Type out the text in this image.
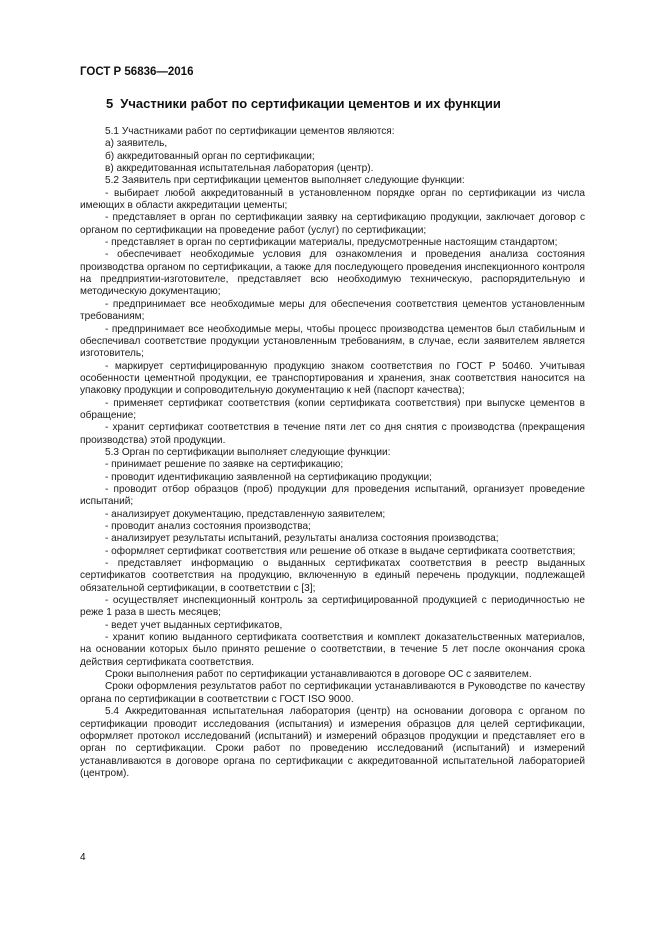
ГОСТ Р 56836—2016
5 Участники работ по сертификации цементов и их функции

5.1 Участниками работ по сертификации цементов являются:

а) заявитель,

б) аккредитованный орган по сертификации;

в) аккредитованная испытательная лаборатория (центр).

5.2 Заявитель при сертификации цементов выполняет следующие функции:

- выбирает любой аккредитованный в установленном порядке орган по сертификации из числа имеющих в области аккредитации цементы;

- представляет в орган по сертификации заявку на сертификацию продукции, заключает договор с органом по сертификации на проведение работ (услуг) по сертификации;

- представляет в орган по сертификации материалы, предусмотренные настоящим стандартом;

- обеспечивает необходимые условия для ознакомления и проведения анализа состояния производства органом по сертификации, а также для последующего проведения инспекционного контроля на предприятии-изготовителе, представляет всю необходимую техническую, распорядительную и методическую документацию;

- предпринимает все необходимые меры для обеспечения соответствия цементов установленным требованиям;

- предпринимает все необходимые меры, чтобы процесс производства цементов был стабильным и обеспечивал соответствие продукции установленным требованиям, в случае, если заявителем является изготовитель;

- маркирует сертифицированную продукцию знаком соответствия по ГОСТ Р 50460. Учитывая особенности цементной продукции, ее транспортирования и хранения, знак соответствия наносится на упаковку продукции и сопроводительную документацию к ней (паспорт качества);

- применяет сертификат соответствия (копии сертификата соответствия) при выпуске цементов в обращение;

- хранит сертификат соответствия в течение пяти лет со дня снятия с производства (прекращения производства) этой продукции.

5.3 Орган по сертификации выполняет следующие функции:

- принимает решение по заявке на сертификацию;

- проводит идентификацию заявленной на сертификацию продукции;

- проводит отбор образцов (проб) продукции для проведения испытаний, организует проведение испытаний;

- анализирует документацию, представленную заявителем;

- проводит анализ состояния производства;

- анализирует результаты испытаний, результаты анализа состояния производства;

- оформляет сертификат соответствия или решение об отказе в выдаче сертификата соответствия;

- представляет информацию о выданных сертификатах соответствия в реестр выданных сертификатов соответствия на продукцию, включенную в единый перечень продукции, подлежащей обязательной сертификации, в соответствии с [3];

- осуществляет инспекционный контроль за сертифицированной продукцией с периодичностью не реже 1 раза в шесть месяцев;

- ведет учет выданных сертификатов,

- хранит копию выданного сертификата соответствия и комплект доказательственных материалов, на основании которых было принято решение о соответствии, в течение 5 лет после окончания срока действия сертификата соответствия.

Сроки выполнения работ по сертификации устанавливаются в договоре ОС с заявителем.

Сроки оформления результатов работ по сертификации устанавливаются в Руководстве по качеству органа по сертификации в соответствии с ГОСТ ISO 9000.

5.4 Аккредитованная испытательная лаборатория (центр) на основании договора с органом по сертификации проводит исследования (испытания) и измерения образцов для целей сертификации, оформляет протокол исследований (испытаний) и измерений образцов продукции и представляет его в орган по сертификации. Сроки работ по проведению исследований (испытаний) и измерений устанавливаются в договоре органа по сертификации с аккредитованной испытательной лабораторией (центром).

4
